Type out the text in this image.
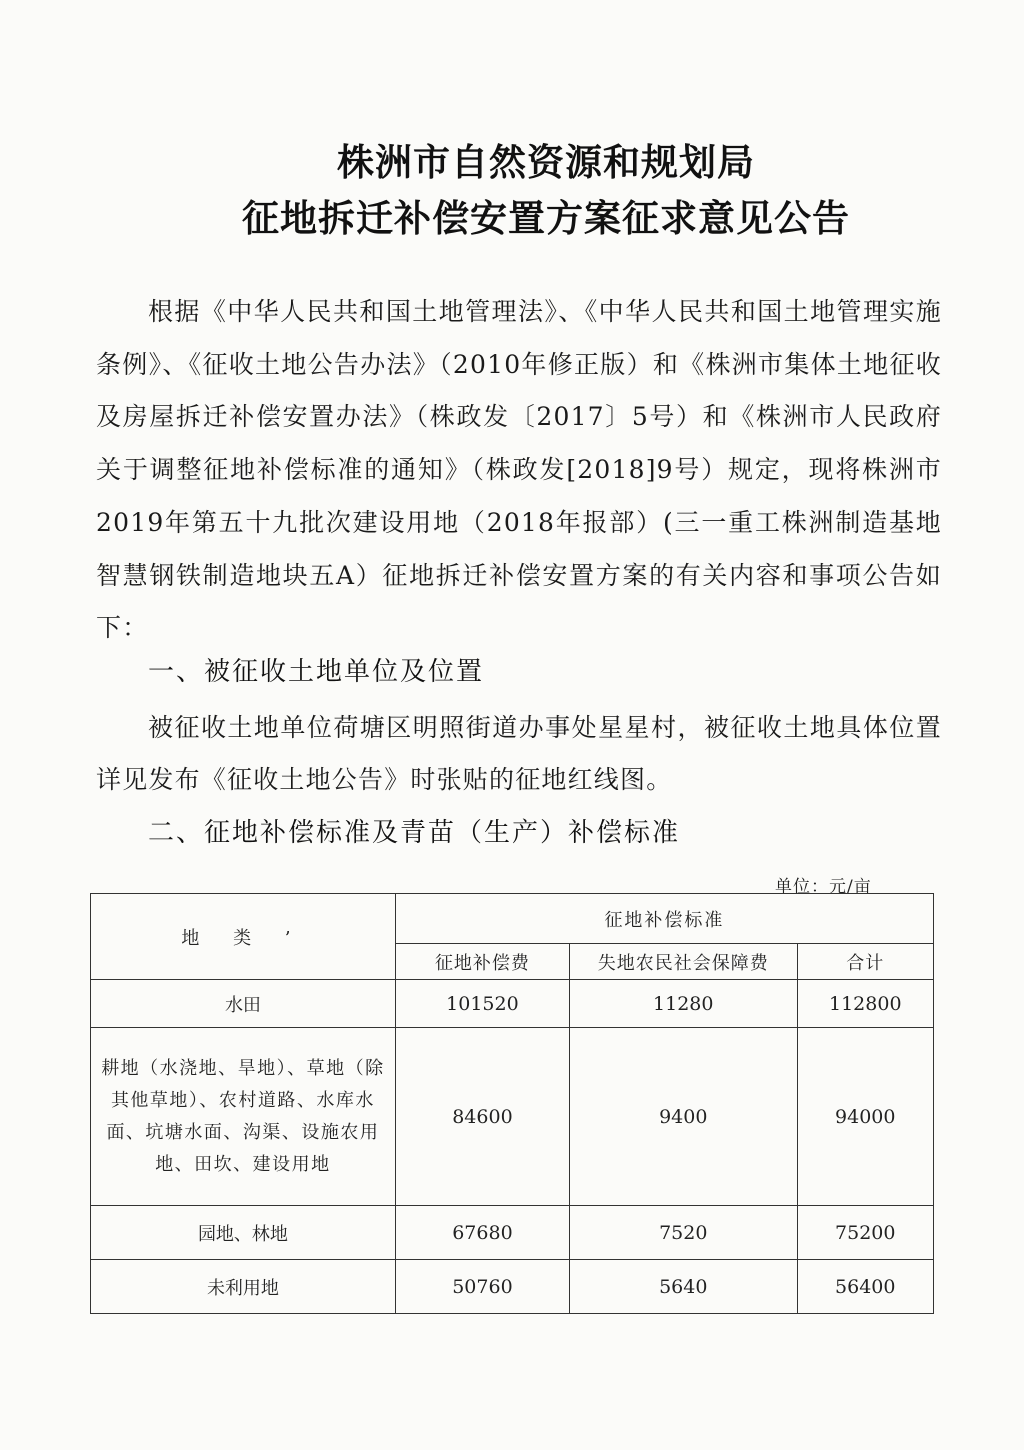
株洲市自然资源和规划局
征地拆迁补偿安置方案征求意见公告
根据《中华人民共和国土地管理法》、《中华人民共和国土地管理实施条例》、《征收土地公告办法》（2010年修正版）和《株洲市集体土地征收及房屋拆迁补偿安置办法》（株政发〔2017〕5号）和《株洲市人民政府关于调整征地补偿标准的通知》（株政发[2018]9号）规定，现将株洲市2019年第五十九批次建设用地（2018年报部）(三一重工株洲制造基地智慧钢铁制造地块五A）征地拆迁补偿安置方案的有关内容和事项公告如下：
一、被征收土地单位及位置
被征收土地单位荷塘区明照街道办事处星星村，被征收土地具体位置详见发布《征收土地公告》时张贴的征地红线图。
二、征地补偿标准及青苗（生产）补偿标准
单位：元/亩
地 类 ’	征地补偿标准		
	征地补偿费	失地农民社会保障费	合计
水田	101520	11280	112800
耕地（水浇地、旱地）、草地（除其他草地）、农村道路、水库水面、坑塘水面、沟渠、设施农用地、田坎、建设用地	84600	9400	94000
园地、林地	67680	7520	75200
未利用地	50760	5640	56400
